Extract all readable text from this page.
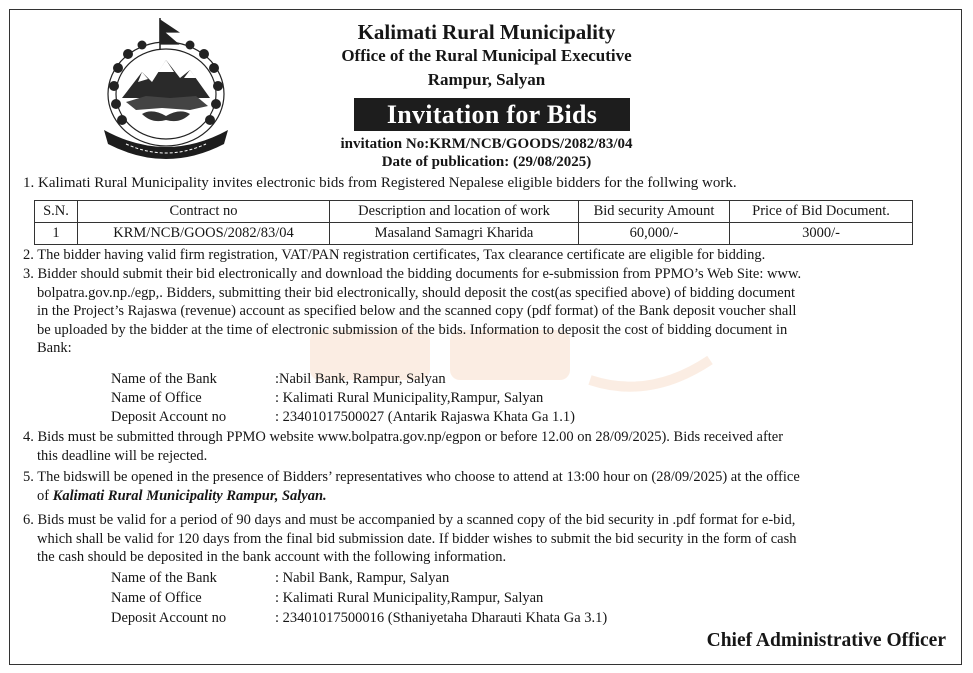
Kalimati Rural Municipality
Office of the Rural Municipal Executive
Rampur, Salyan
Invitation for Bids
invitation No:KRM/NCB/GOODS/2082/83/04
Date of publication: (29/08/2025)
1. Kalimati Rural Municipality invites electronic bids from Registered Nepalese eligible bidders for the follwing work.
S.N.	Contract no	Description and location of work	Bid security Amount	Price of Bid Document.
1	KRM/NCB/GOOS/2082/83/04	Masaland Samagri Kharida	60,000/-	3000/-
2. The bidder having valid firm registration, VAT/PAN registration certificates, Tax clearance certificate are eligible for bidding.
3. Bidder should submit their bid electronically and download the bidding documents for e-submission from PPMO’s Web Site: www.
bolpatra.gov.np./egp,. Bidders, submitting their bid electronically, should deposit the cost(as specified above) of bidding document
in the Project’s Rajaswa (revenue) account as specified below and the scanned copy (pdf format) of the Bank deposit voucher shall
be uploaded by the bidder at the time of electronic submission of the bids. Information to deposit the cost of bidding document in
Bank:
Name of the Bank	:Nabil Bank, Rampur, Salyan
Name of Office	: Kalimati Rural Municipality,Rampur, Salyan
Deposit Account no	: 23401017500027 (Antarik Rajaswa Khata Ga 1.1)
4. Bids must be submitted through PPMO website www.bolpatra.gov.np/egpon or before 12.00 on 28/09/2025). Bids received after
this deadline will be rejected.
5. The bidswill be opened in the presence of Bidders’ representatives who choose to attend at 13:00 hour on (28/09/2025) at the office
of Kalimati Rural Municipality Rampur, Salyan.
6. Bids must be valid for a period of 90 days and must be accompanied by a scanned copy of the bid security in .pdf format for e-bid,
which shall be valid for 120 days from the final bid submission date. If bidder wishes to submit the bid security in the form of cash
the cash should be deposited in the bank account with the following information.
Name of the Bank	: Nabil Bank, Rampur, Salyan
Name of Office	: Kalimati Rural Municipality,Rampur, Salyan
Deposit Account no	: 23401017500016 (Sthaniyetaha Dharauti Khata Ga 3.1)
Chief Administrative Officer
